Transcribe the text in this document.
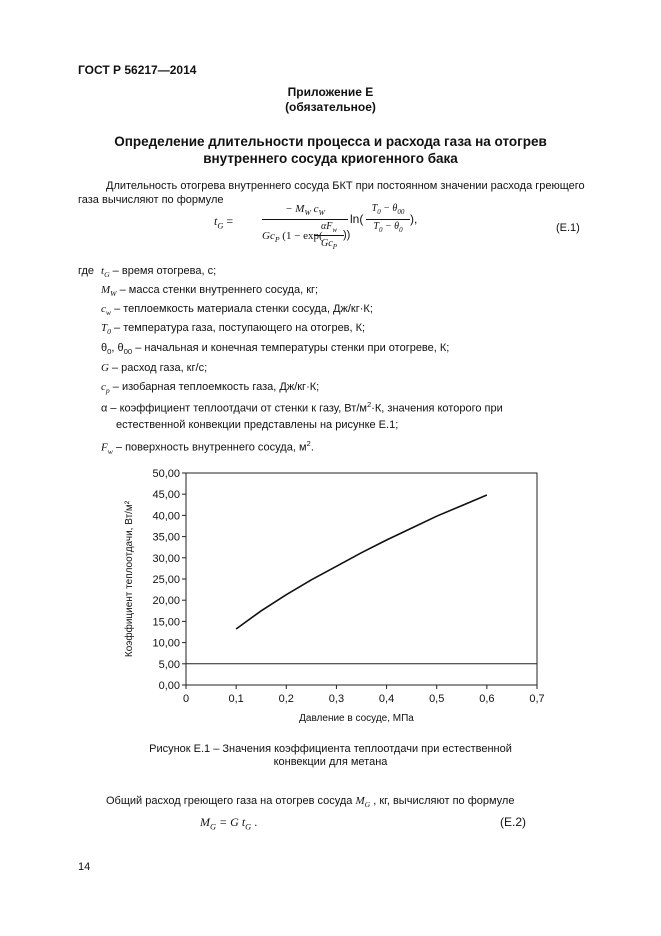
ГОСТ Р 56217—2014
Приложение Е
(обязательное)
Определение длительности процесса и расхода газа на отогрев
внутреннего сосуда криогенного бака
Длительность отогрева внутреннего сосуда БКТ при постоянном значении расхода греющего
газа вычисляют по формуле
$t_G$ =
− $M_W$ $c_W$
$Gc_P$ (1 − exp(−
$\alpha F_w$
$Gc_P$
))
ln(
$T_0 - \theta_{00}$
$T_0 - \theta_0$
),
(Е.1)
где $t_G$ – время отогрева, с;
$M_W$ – масса стенки внутреннего сосуда, кг;
$c_w$ – теплоемкость материала стенки сосуда, Дж/кг·К;
$T_0$ – температура газа, поступающего на отогрев, К;
$\theta_0$, $\theta_{00}$ – начальная и конечная температуры стенки при отогреве, К;
G – расход газа, кг/с;
$c_p$ – изобарная теплоемкость газа, Дж/кг·К;
α – коэффициент теплоотдачи от стенки к газу, $Вт/м^2\cdot К$, значения которого при
естественной конвекции представлены на рисунке Е.1;
$F_w$ – поверхность внутреннего сосуда, $м^2$.
0,00
5,00
10,00
15,00
20,00
25,00
30,00
35,00
40,00
45,00
50,00
0	0,1	0,2	0,3	0,4	0,5	0,6	0,7
Давление в сосуде, МПа
Коэффициент теплоотдачи, Вт/м²
Рисунок Е.1 – Значения коэффициента теплоотдачи при естественной
конвекции для метана
Общий расход греющего газа на отогрев сосуда $M_G$ , кг, вычисляют по формуле
$M_G = G$ $t_G$ .	(Е.2)
14
